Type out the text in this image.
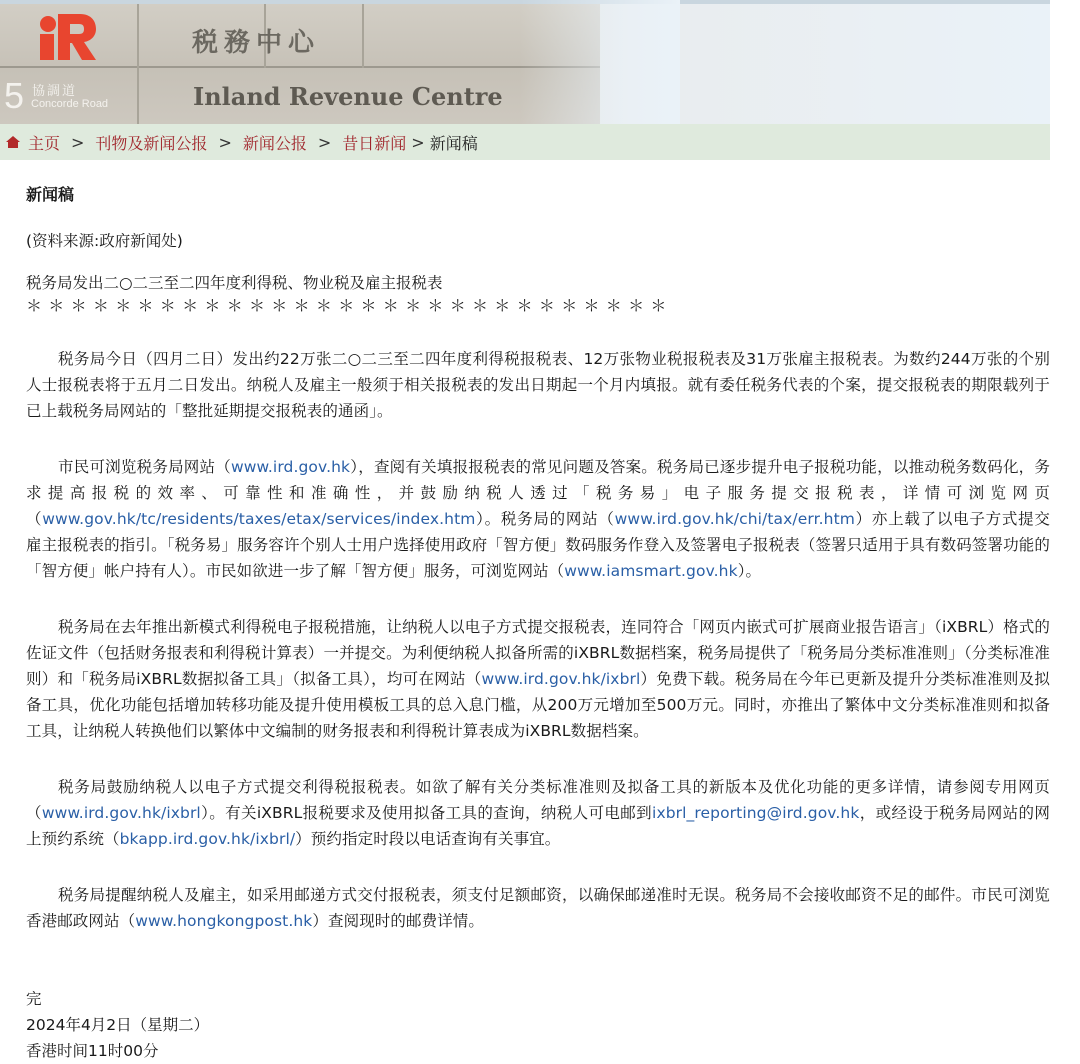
5 協調道
Concorde Road
税務中心
Inland Revenue Centre
主页 > 刊物及新闻公报 > 新闻公报 > 昔日新闻 > 新闻稿
新闻稿
(资料来源:政府新闻处)
税务局发出二○二三至二四年度利得税、物业税及雇主报税表
＊＊＊＊＊＊＊＊＊＊＊＊＊＊＊＊＊＊＊＊＊＊＊＊＊＊＊＊＊

税务局今日（四月二日）发出约22万张二○二三至二四年度利得税报税表、12万张物业税报税表及31万张雇主报税表。为数约244万张的个别人士报税表将于五月二日发出。纳税人及雇主一般须于相关报税表的发出日期起一个月内填报。就有委任税务代表的个案，提交报税表的期限载列于已上载税务局网站的「整批延期提交报税表的通函」。

市民可浏览税务局网站（www.ird.gov.hk），查阅有关填报报税表的常见问题及答案。税务局已逐步提升电子报税功能，以推动税务数码化，务求提高报税的效率、可靠性和准确性，并鼓励纳税人透过「税务易」电子服务提交报税表，详情可浏览网页（www.gov.hk/tc/residents/taxes/etax/services/index.htm）。税务局的网站（www.ird.gov.hk/chi/tax/err.htm）亦上载了以电子方式提交雇主报税表的指引。「税务易」服务容许个别人士用户选择使用政府「智方便」数码服务作登入及签署电子报税表（签署只适用于具有数码签署功能的「智方便」帐户持有人）。市民如欲进一步了解「智方便」服务，可浏览网站（www.iamsmart.gov.hk）。

税务局在去年推出新模式利得税电子报税措施，让纳税人以电子方式提交报税表，连同符合「网页内嵌式可扩展商业报告语言」（iXBRL）格式的佐证文件（包括财务报表和利得税计算表）一并提交。为利便纳税人拟备所需的iXBRL数据档案，税务局提供了「税务局分类标准准则」（分类标准准则）和「税务局iXBRL数据拟备工具」（拟备工具），均可在网站（www.ird.gov.hk/ixbrl）免费下载。税务局在今年已更新及提升分类标准准则及拟备工具，优化功能包括增加转移功能及提升使用模板工具的总入息门槛，从200万元增加至500万元。同时，亦推出了繁体中文分类标准准则和拟备工具，让纳税人转换他们以繁体中文编制的财务报表和利得税计算表成为iXBRL数据档案。

税务局鼓励纳税人以电子方式提交利得税报税表。如欲了解有关分类标准准则及拟备工具的新版本及优化功能的更多详情，请参阅专用网页（www.ird.gov.hk/ixbrl）。有关iXBRL报税要求及使用拟备工具的查询，纳税人可电邮到ixbrl_reporting@ird.gov.hk，或经设于税务局网站的网上预约系统（bkapp.ird.gov.hk/ixbrl/）预约指定时段以电话查询有关事宜。

税务局提醒纳税人及雇主，如采用邮递方式交付报税表，须支付足额邮资，以确保邮递准时无误。税务局不会接收邮资不足的邮件。市民可浏览香港邮政网站（www.hongkongpost.hk）查阅现时的邮费详情。

完
2024年4月2日（星期二）
香港时间11时00分
